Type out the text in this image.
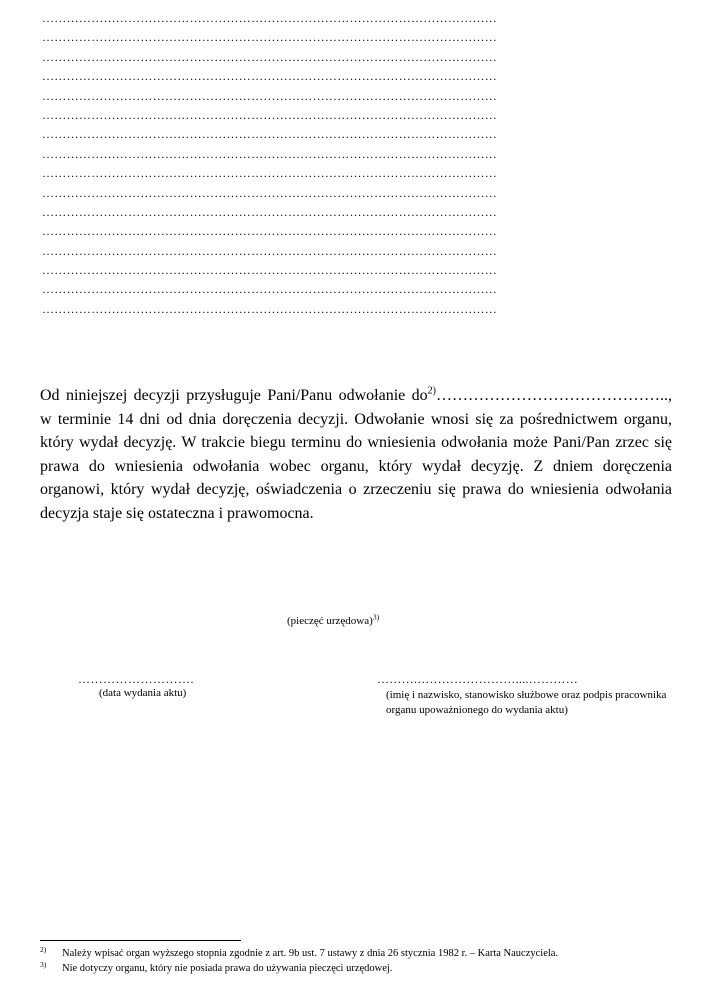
…………………………………………………………………………………………………
…………………………………………………………………………………………………
…………………………………………………………………………………………………
…………………………………………………………………………………………………
…………………………………………………………………………………………………
…………………………………………………………………………………………………
…………………………………………………………………………………………………
…………………………………………………………………………………………………
…………………………………………………………………………………………………
…………………………………………………………………………………………………
…………………………………………………………………………………………………
…………………………………………………………………………………………………
…………………………………………………………………………………………………
…………………………………………………………………………………………………
…………………………………………………………………………………………………
…………………………………………………………………………………………………

Od niniejszej decyzji przysługuje Pani/Panu odwołanie $do^{2)}\dots\dots\dots\dots\dots\dots\dots\dots\dots\dots\dots\dots\dots\dots$.., w terminie 14 dni od dnia doręczenia decyzji. Odwołanie wnosi się za pośrednictwem organu, który wydał decyzję. W trakcie biegu terminu do wniesienia odwołania może Pani/Pan zrzec się prawa do wniesienia odwołania wobec organu, który wydał decyzję. Z dniem doręczenia organowi, który wydał decyzję, oświadczenia o zrzeczeniu się prawa do wniesienia odwołania decyzja staje się ostateczna i prawomocna.

(pieczęć urzędowa)$^{3)}$
……………………….
(data wydania aktu)
……….……………………....…………
(imię i nazwisko, stanowisko służbowe oraz podpis pracownika organu upoważnionego do wydania aktu)
$^{2)}$ Należy wpisać organ wyższego stopnia zgodnie z art. 9b ust. 7 ustawy z dnia 26 stycznia 1982 r. – Karta Nauczyciela.
$^{3)}$ Nie dotyczy organu, który nie posiada prawa do używania pieczęci urzędowej.
